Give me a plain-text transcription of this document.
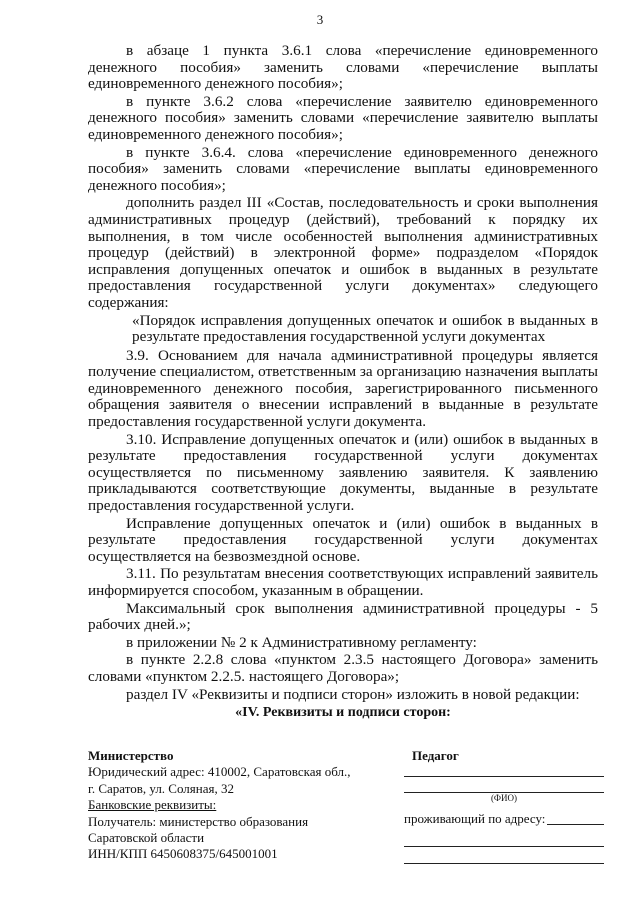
3

в абзаце 1 пункта 3.6.1 слова «перечисление единовременного денежного пособия» заменить словами «перечисление выплаты единовременного денежного пособия»;

в пункте 3.6.2 слова «перечисление заявителю единовременного денежного пособия» заменить словами «перечисление заявителю выплаты единовременного денежного пособия»;

в пункте 3.6.4. слова «перечисление единовременного денежного пособия» заменить словами «перечисление выплаты единовременного денежного пособия»;

дополнить раздел III «Состав, последовательность и сроки выполнения административных процедур (действий), требований к порядку их выполнения, в том числе особенностей выполнения административных процедур (действий) в электронной форме» подразделом «Порядок исправления допущенных опечаток и ошибок в выданных в результате предоставления государственной услуги документах» следующего содержания:

«Порядок исправления допущенных опечаток и ошибок в выданных в результате предоставления государственной услуги документах

3.9. Основанием для начала административной процедуры является получение специалистом, ответственным за организацию назначения выплаты единовременного денежного пособия, зарегистрированного письменного обращения заявителя о внесении исправлений в выданные в результате предоставления государственной услуги документа.

3.10. Исправление допущенных опечаток и (или) ошибок в выданных в результате предоставления государственной услуги документах осуществляется по письменному заявлению заявителя. К заявлению прикладываются соответствующие документы, выданные в результате предоставления государственной услуги.

Исправление допущенных опечаток и (или) ошибок в выданных в результате предоставления государственной услуги документах осуществляется на безвозмездной основе.

3.11. По результатам внесения соответствующих исправлений заявитель информируется способом, указанным в обращении.

Максимальный срок выполнения административной процедуры - 5 рабочих дней.»;

в приложении № 2 к Административному регламенту:

в пункте 2.2.8 слова «пунктом 2.3.5 настоящего Договора» заменить словами «пунктом 2.2.5. настоящего Договора»;

раздел IV «Реквизиты и подписи сторон» изложить в новой редакции:

«IV. Реквизиты и подписи сторон:

Министерство
Юридический адрес: 410002, Саратовская обл.,
г. Саратов, ул. Соляная, 32
Банковские реквизиты:
Получатель: министерство образования
Саратовской области
ИНН/КПП 6450608375/645001001
Педагог
(ФИО)
проживающий по адресу:
